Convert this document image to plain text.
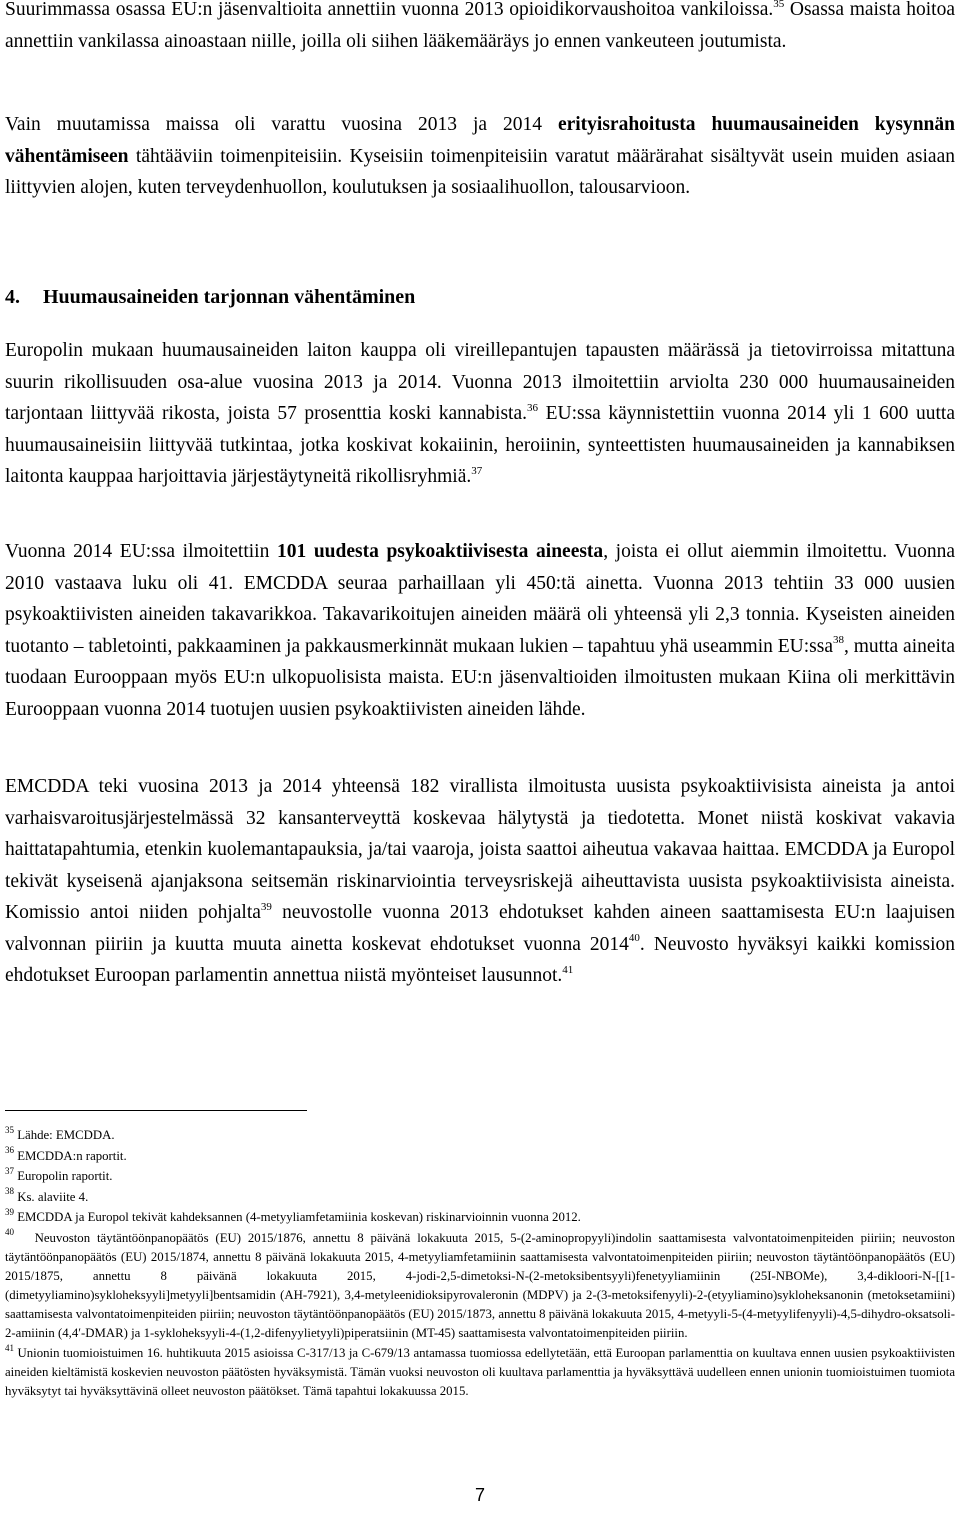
Suurimmassa osassa EU:n jäsenvaltioita annettiin vuonna 2013 opioidikorvaushoitoa vankiloissa.$^{35}$ Osassa maista hoitoa annettiin vankilassa ainoastaan niille, joilla oli siihen lääkemääräys jo ennen vankeuteen joutumista.

Vain muutamissa maissa oli varattu vuosina 2013 ja 2014 erityisrahoitusta huumausaineiden kysynnän vähentämiseen tähtääviin toimenpiteisiin. Kyseisiin toimenpiteisiin varatut määrärahat sisältyvät usein muiden asiaan liittyvien alojen, kuten terveydenhuollon, koulutuksen ja sosiaalihuollon, talousarvioon.

4. Huumausaineiden tarjonnan vähentäminen

Europolin mukaan huumausaineiden laiton kauppa oli vireillepantujen tapausten määrässä ja tietovirroissa mitattuna suurin rikollisuuden osa-alue vuosina 2013 ja 2014. Vuonna 2013 ilmoitettiin arviolta 230 000 huumausaineiden tarjontaan liittyvää rikosta, joista 57 prosenttia koski kannabista.$^{36}$ EU:ssa käynnistettiin vuonna 2014 yli 1 600 uutta huumausaineisiin liittyvää tutkintaa, jotka koskivat kokaiinin, heroiinin, synteettisten huumausaineiden ja kannabiksen laitonta kauppaa harjoittavia järjestäytyneitä rikollisryhmiä.$^{37}$

Vuonna 2014 EU:ssa ilmoitettiin 101 uudesta psykoaktiivisesta aineesta, joista ei ollut aiemmin ilmoitettu. Vuonna 2010 vastaava luku oli 41. EMCDDA seuraa parhaillaan yli 450:tä ainetta. Vuonna 2013 tehtiin 33 000 uusien psykoaktiivisten aineiden takavarikkoa. Takavarikoitujen aineiden määrä oli yhteensä yli 2,3 tonnia. Kyseisten aineiden tuotanto – tabletointi, pakkaaminen ja pakkausmerkinnät mukaan lukien – tapahtuu yhä useammin EU:ssa$^{38}$, mutta aineita tuodaan Eurooppaan myös EU:n ulkopuolisista maista. EU:n jäsenvaltioiden ilmoitusten mukaan Kiina oli merkittävin Eurooppaan vuonna 2014 tuotujen uusien psykoaktiivisten aineiden lähde.

EMCDDA teki vuosina 2013 ja 2014 yhteensä 182 virallista ilmoitusta uusista psykoaktiivisista aineista ja antoi varhaisvaroitusjärjestelmässä 32 kansanterveyttä koskevaa hälytystä ja tiedotetta. Monet niistä koskivat vakavia haittatapahtumia, etenkin kuolemantapauksia, ja/tai vaaroja, joista saattoi aiheutua vakavaa haittaa. EMCDDA ja Europol tekivät kyseisenä ajanjaksona seitsemän riskinarviointia terveysriskejä aiheuttavista uusista psykoaktiivisista aineista. Komissio antoi niiden pohjalta$^{39}$ neuvostolle vuonna 2013 ehdotukset kahden aineen saattamisesta EU:n laajuisen valvonnan piiriin ja kuutta muuta ainetta koskevat ehdotukset vuonna 2014$^{40}$. Neuvosto hyväksyi kaikki komission ehdotukset Euroopan parlamentin annettua niistä myönteiset lausunnot.$^{41}$

$^{35}$ Lähde: EMCDDA.

$^{36}$ EMCDDA:n raportit.

$^{37}$ Europolin raportit.

$^{38}$ Ks. alaviite 4.

$^{39}$ EMCDDA ja Europol tekivät kahdeksannen (4-metyyliamfetamiinia koskevan) riskinarvioinnin vuonna 2012.

$^{40}$ Neuvoston täytäntöönpanopäätös (EU) 2015/1876, annettu 8 päivänä lokakuuta 2015, 5-(2-aminopropyyli)indolin saattamisesta valvontatoimenpiteiden piiriin; neuvoston täytäntöönpanopäätös (EU) 2015/1874, annettu 8 päivänä lokakuuta 2015, 4-metyyliamfetamiinin saattamisesta valvontatoimenpiteiden piiriin; neuvoston täytäntöönpanopäätös (EU) 2015/1875, annettu 8 päivänä lokakuuta 2015, 4-jodi-2,5-dimetoksi-N-(2-metoksibentsyyli)fenetyyliamiinin (25I-NBOMe), 3,4-dikloori-N-[[1-(dimetyyliamino)sykloheksyyli]metyyli]bentsamidin (AH-7921), 3,4-metyleenidioksipyrovaleronin (MDPV) ja 2-(3-metoksifenyyli)-2-(etyyliamino)sykloheksanonin (metoksetamiini) saattamisesta valvontatoimenpiteiden piiriin; neuvoston täytäntöönpanopäätös (EU) 2015/1873, annettu 8 päivänä lokakuuta 2015, 4-metyyli-5-(4-metyylifenyyli)-4,5-dihydro-oksatsoli-2-amiinin (4,4′-DMAR) ja 1-sykloheksyyli-4-(1,2-difenyylietyyli)piperatsiinin (MT-45) saattamisesta valvontatoimenpiteiden piiriin.

$^{41}$ Unionin tuomioistuimen 16. huhtikuuta 2015 asioissa C-317/13 ja C-679/13 antamassa tuomiossa edellytetään, että Euroopan parlamenttia on kuultava ennen uusien psykoaktiivisten aineiden kieltämistä koskevien neuvoston päätösten hyväksymistä. Tämän vuoksi neuvoston oli kuultava parlamenttia ja hyväksyttävä uudelleen ennen unionin tuomioistuimen tuomiota hyväksytyt tai hyväksyttävinä olleet neuvoston päätökset. Tämä tapahtui lokakuussa 2015.

7
